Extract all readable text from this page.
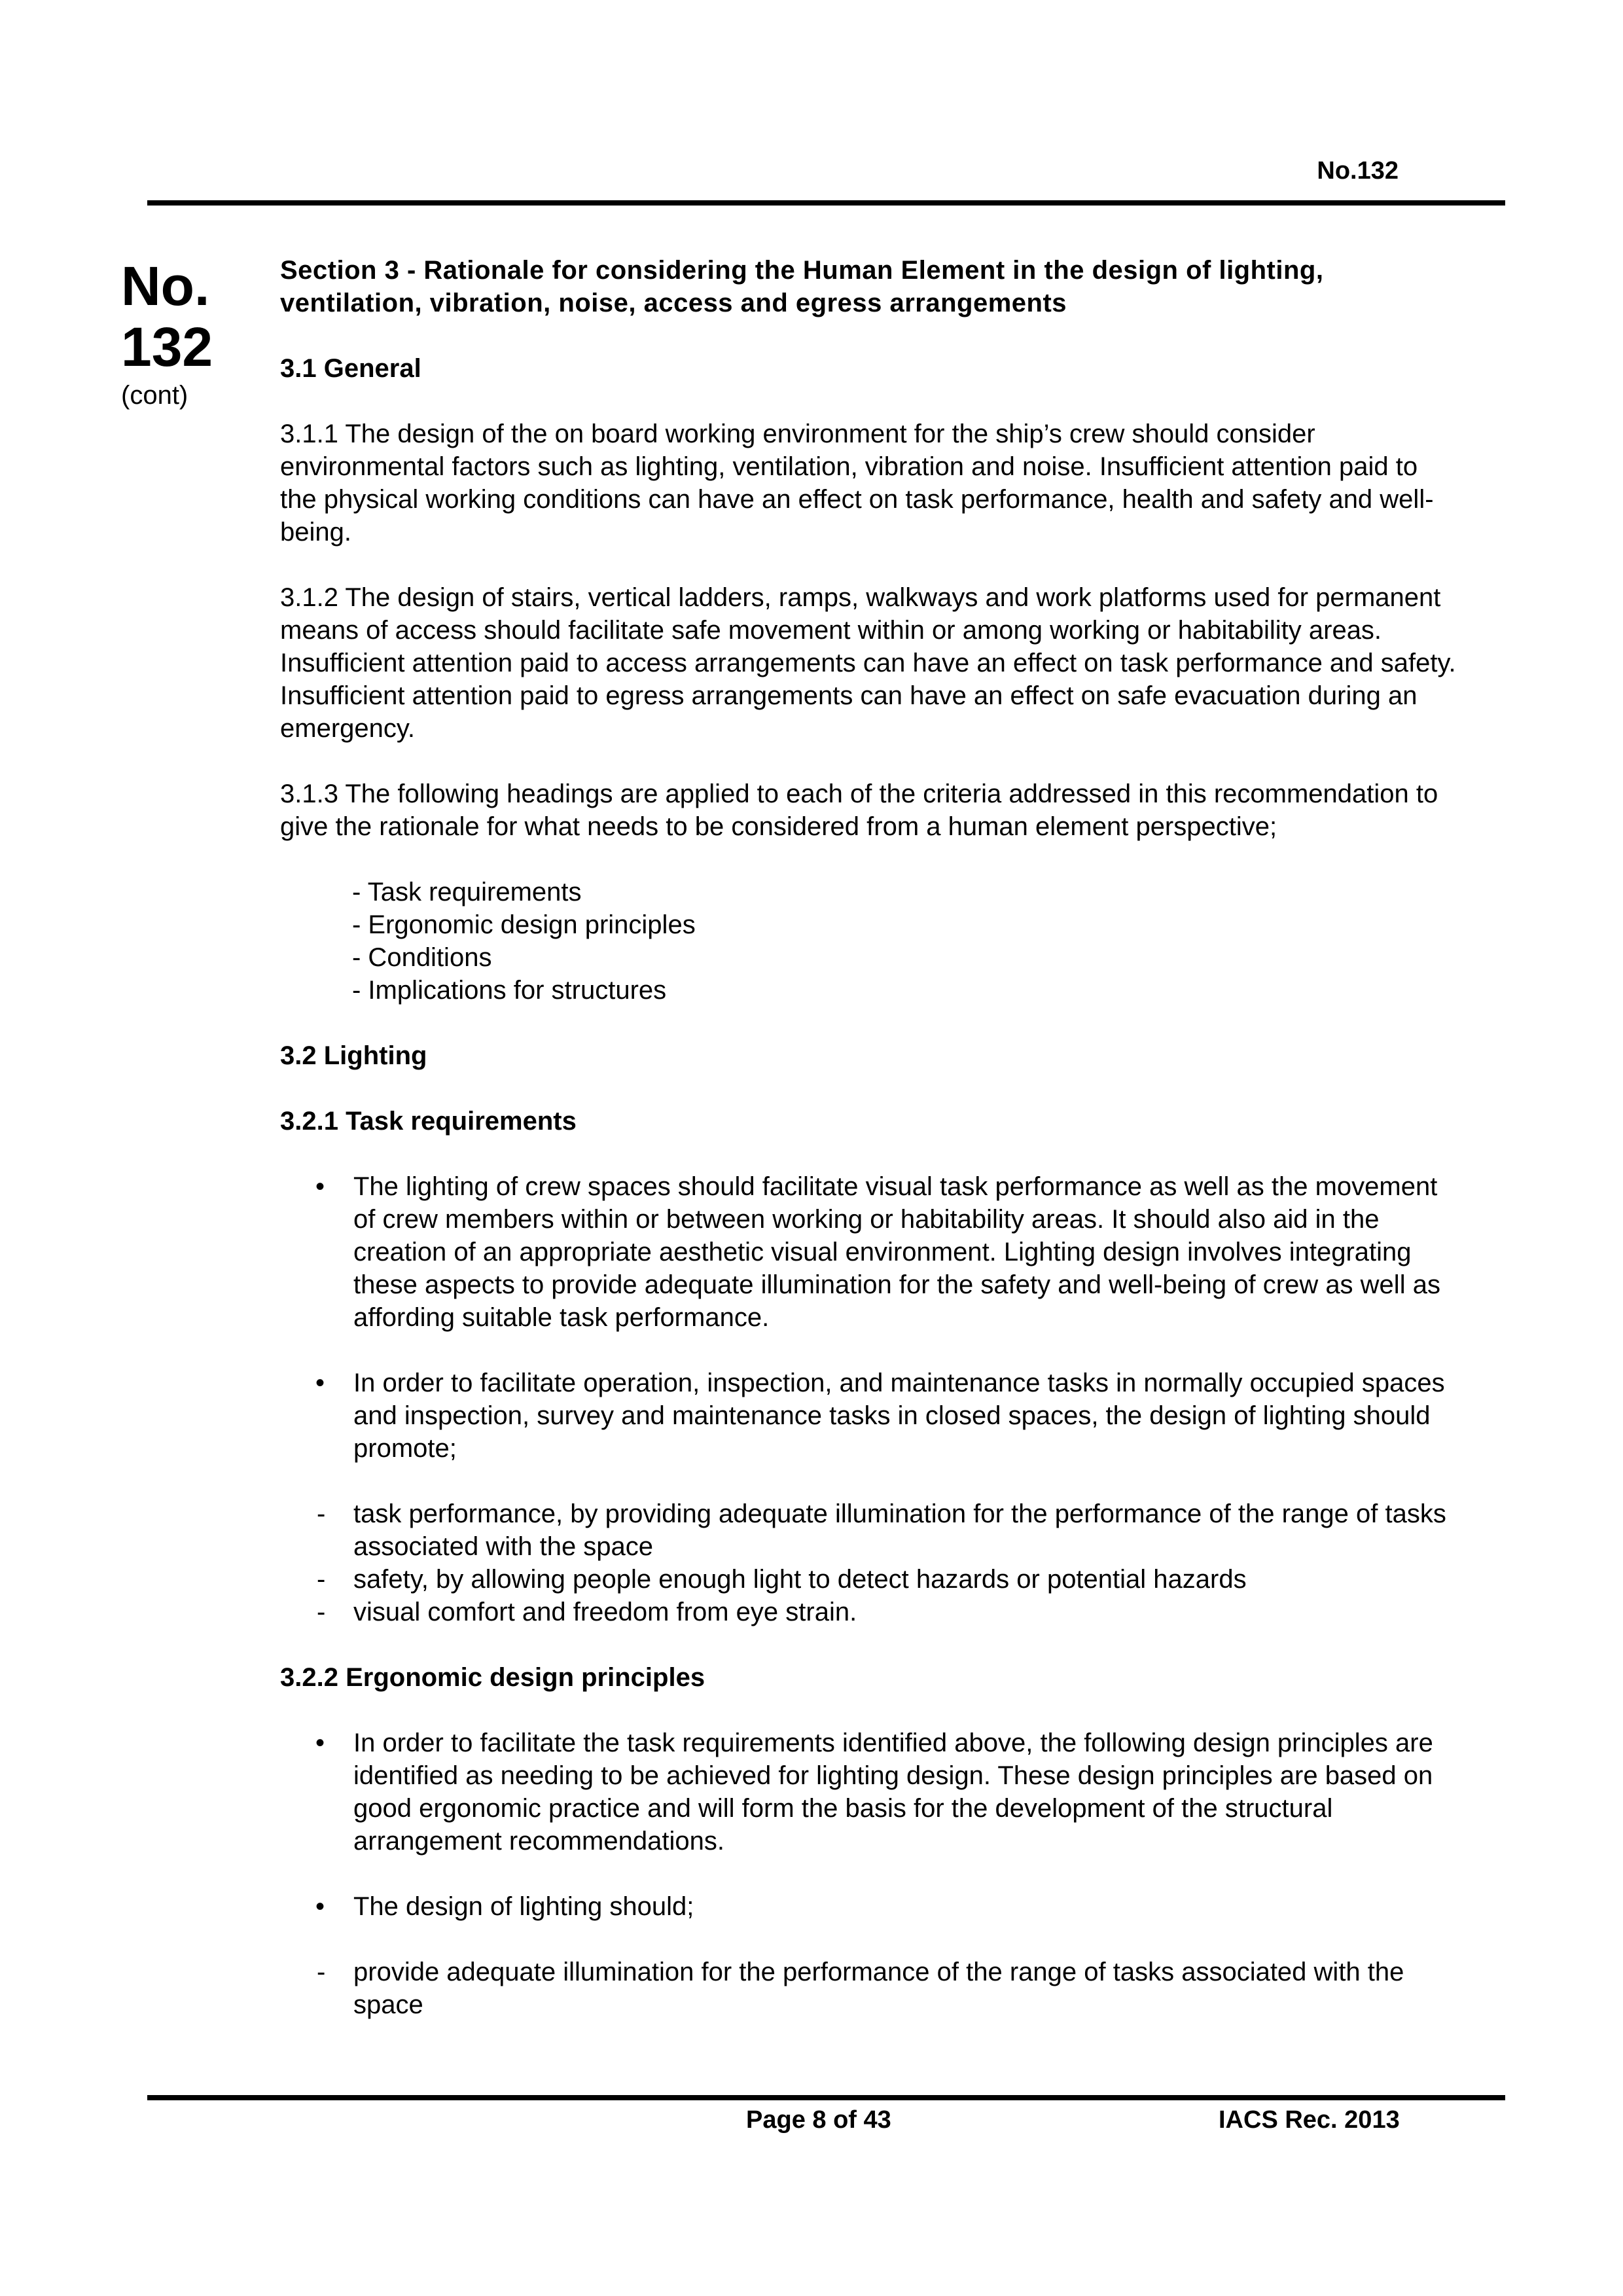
No.132
No.
132
(cont)

Section 3 - Rationale for considering the Human Element in the design of lighting, ventilation, vibration, noise, access and egress arrangements

3.1 General

3.1.1 The design of the on board working environment for the ship’s crew should consider environmental factors such as lighting, ventilation, vibration and noise. Insufficient attention paid to the physical working conditions can have an effect on task performance, health and safety and well-being.

3.1.2 The design of stairs, vertical ladders, ramps, walkways and work platforms used for permanent means of access should facilitate safe movement within or among working or habitability areas. Insufficient attention paid to access arrangements can have an effect on task performance and safety. Insufficient attention paid to egress arrangements can have an effect on safe evacuation during an emergency.

3.1.3 The following headings are applied to each of the criteria addressed in this recommendation to give the rationale for what needs to be considered from a human element perspective;

- Task requirements
- Ergonomic design principles
- Conditions
- Implications for structures

3.2 Lighting

3.2.1 Task requirements

• The lighting of crew spaces should facilitate visual task performance as well as the movement of crew members within or between working or habitability areas. It should also aid in the creation of an appropriate aesthetic visual environment. Lighting design involves integrating these aspects to provide adequate illumination for the safety and well-being of crew as well as affording suitable task performance.
• In order to facilitate operation, inspection, and maintenance tasks in normally occupied spaces and inspection, survey and maintenance tasks in closed spaces, the design of lighting should promote;
- task performance, by providing adequate illumination for the performance of the range of tasks associated with the space
- safety, by allowing people enough light to detect hazards or potential hazards
- visual comfort and freedom from eye strain.

3.2.2 Ergonomic design principles

• In order to facilitate the task requirements identified above, the following design principles are identified as needing to be achieved for lighting design. These design principles are based on good ergonomic practice and will form the basis for the development of the structural arrangement recommendations.
• The design of lighting should;
- provide adequate illumination for the performance of the range of tasks associated with the space
Page 8 of 43	IACS Rec. 2013
